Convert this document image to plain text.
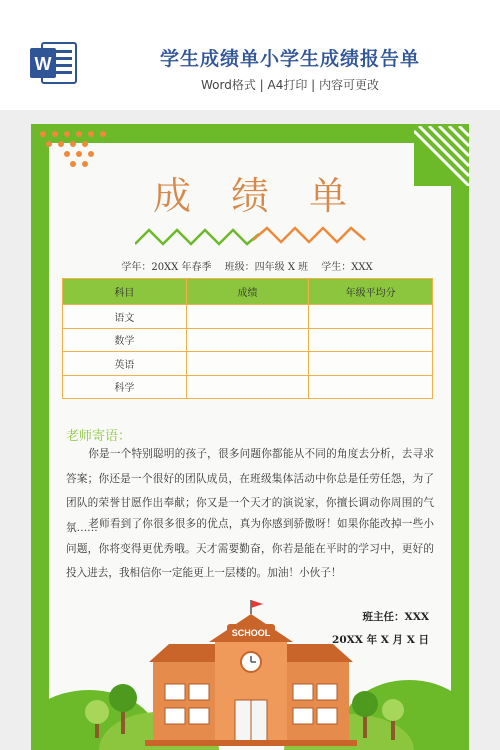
W	学生成绩单小学生成绩报告单
Word格式 | A4打印 | 内容可更改
成绩单
学年：20XX 年春季　 班级：四年级 X 班　 学生：XXX
科目	成绩	年级平均分
语文		
数学		
英语		
科学		
老师寄语：
你是一个特别聪明的孩子，很多问题你都能从不同的角度去分析，去寻求答案；你还是一个很好的团队成员，在班级集体活动中你总是任劳任怨，为了团队的荣誉甘愿作出奉献；你又是一个天才的演说家，你擅长调动你周围的气氛……
老师看到了你很多很多的优点，真为你感到骄傲呀！如果你能改掉一些小问题，你将变得更优秀哦。天才需要勤奋，你若是能在平时的学习中，更好的投入进去，我相信你一定能更上一层楼的。加油！小伙子！
班主任：XXX
20XX 年 X 月 X 日
SCHOOL
